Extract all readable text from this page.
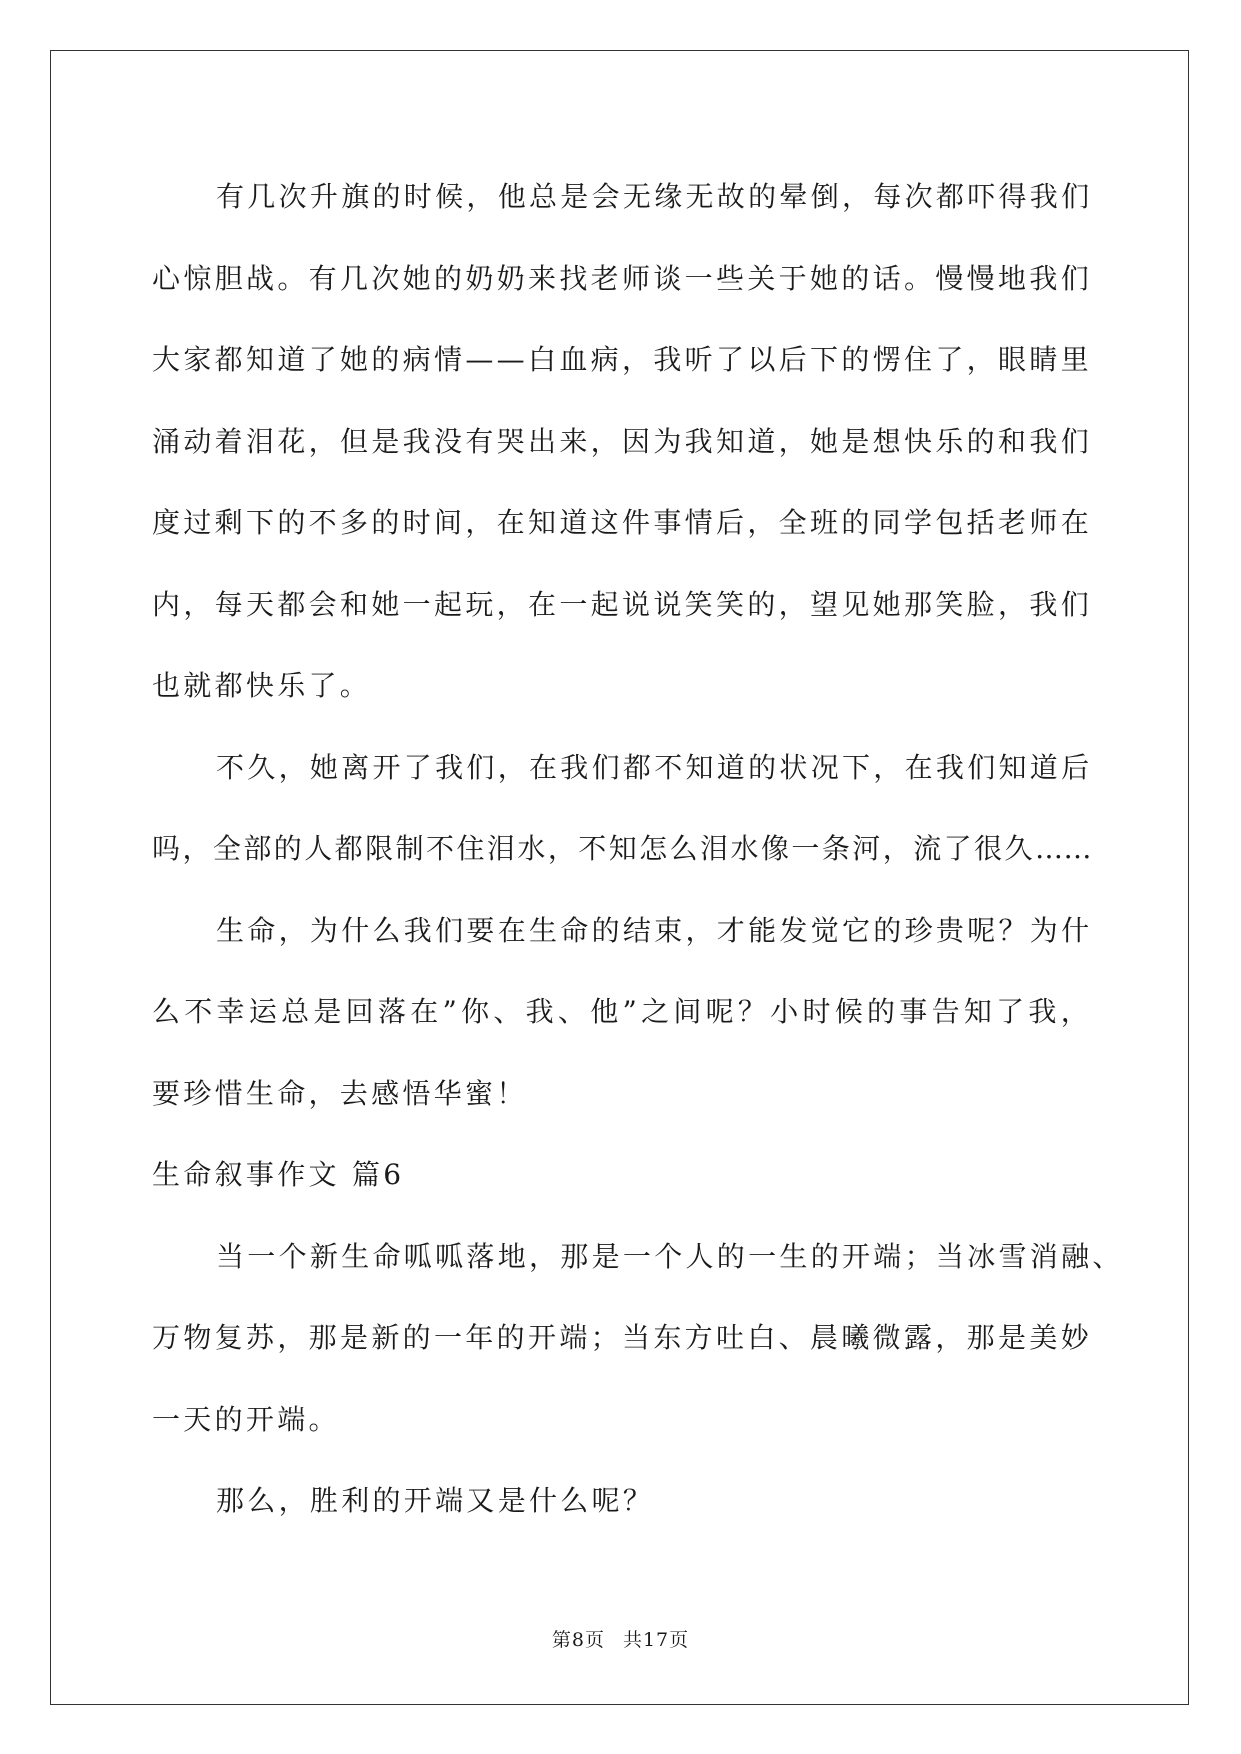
有几次升旗的时候，他总是会无缘无故的晕倒，每次都吓得我们
心惊胆战。有几次她的奶奶来找老师谈一些关于她的话。慢慢地我们
大家都知道了她的病情——白血病，我听了以后下的愣住了，眼睛里
涌动着泪花，但是我没有哭出来，因为我知道，她是想快乐的和我们
度过剩下的不多的时间，在知道这件事情后，全班的同学包括老师在
内，每天都会和她一起玩，在一起说说笑笑的，望见她那笑脸，我们
也就都快乐了。
不久，她离开了我们，在我们都不知道的状况下，在我们知道后
吗，全部的人都限制不住泪水，不知怎么泪水像一条河，流了很久……
生命，为什么我们要在生命的结束，才能发觉它的珍贵呢？为什
么不幸运总是回落在”你、我、他”之间呢？小时候的事告知了我，
要珍惜生命，去感悟华蜜！
生命叙事作文 篇6
当一个新生命呱呱落地，那是一个人的一生的开端；当冰雪消融、
万物复苏，那是新的一年的开端；当东方吐白、晨曦微露，那是美妙
一天的开端。
那么，胜利的开端又是什么呢？
第8页 共17页
